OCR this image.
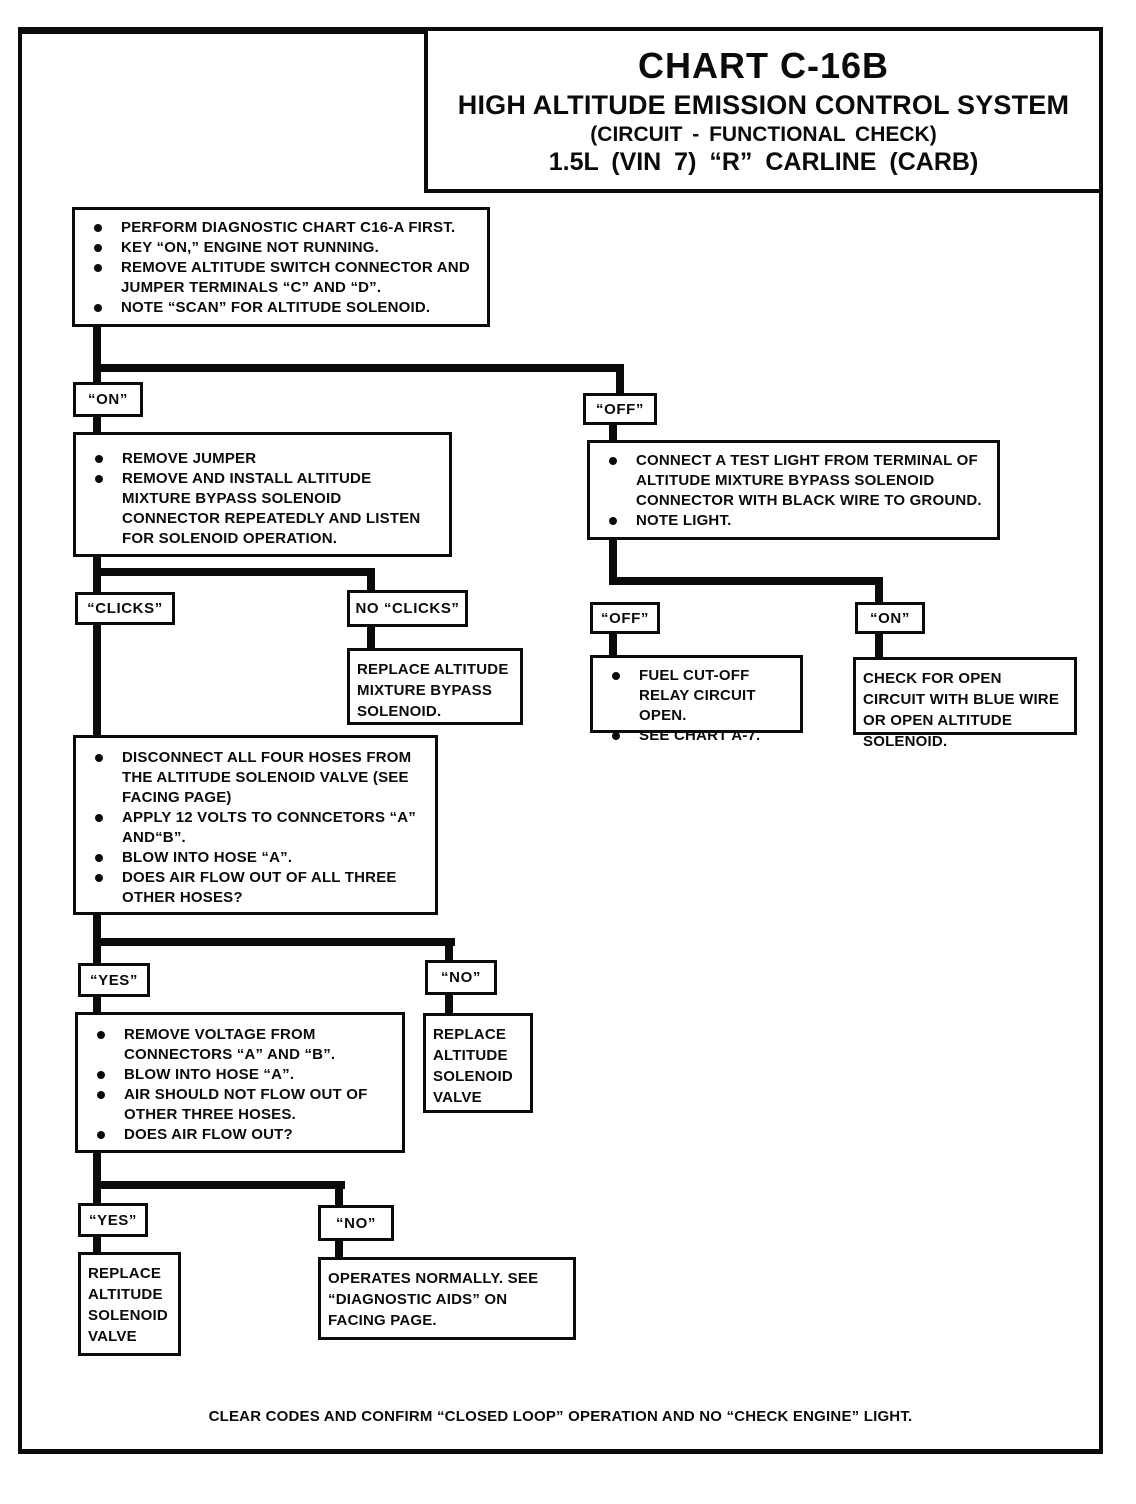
CHART C-16B
HIGH ALTITUDE EMISSION CONTROL SYSTEM
(CIRCUIT - FUNCTIONAL CHECK)
1.5L (VIN 7) “R” CARLINE (CARB)
PERFORM DIAGNOSTIC CHART C16-A FIRST.
KEY “ON,” ENGINE NOT RUNNING.
REMOVE ALTITUDE SWITCH CONNECTOR AND JUMPER TERMINALS “C” AND “D”.
NOTE “SCAN” FOR ALTITUDE SOLENOID.
“ON”
REMOVE JUMPER
REMOVE AND INSTALL ALTITUDE MIXTURE BYPASS SOLENOID CONNECTOR REPEATEDLY AND LISTEN FOR SOLENOID OPERATION.
“OFF”
CONNECT A TEST LIGHT FROM TERMINAL OF ALTITUDE MIXTURE BYPASS SOLENOID CONNECTOR WITH BLACK WIRE TO GROUND.
NOTE LIGHT.
“CLICKS”	NO “CLICKS”
REPLACE ALTITUDE MIXTURE BYPASS SOLENOID.
“OFF”	“ON”
FUEL CUT-OFF RELAY CIRCUIT OPEN.
SEE CHART A-7.
CHECK FOR OPEN CIRCUIT WITH BLUE WIRE OR OPEN ALTITUDE SOLENOID.
DISCONNECT ALL FOUR HOSES FROM THE ALTITUDE SOLENOID VALVE (SEE FACING PAGE)
APPLY 12 VOLTS TO CONNCETORS “A” AND“B”.
BLOW INTO HOSE “A”.
DOES AIR FLOW OUT OF ALL THREE OTHER HOSES?
“YES”	“NO”
REPLACE ALTITUDE SOLENOID VALVE
REMOVE VOLTAGE FROM CONNECTORS “A” AND “B”.
BLOW INTO HOSE “A”.
AIR SHOULD NOT FLOW OUT OF OTHER THREE HOSES.
DOES AIR FLOW OUT?
“YES”	“NO”
REPLACE ALTITUDE SOLENOID VALVE
OPERATES NORMALLY. SEE “DIAGNOSTIC AIDS” ON FACING PAGE.
CLEAR CODES AND CONFIRM “CLOSED LOOP” OPERATION AND NO “CHECK ENGINE” LIGHT.
